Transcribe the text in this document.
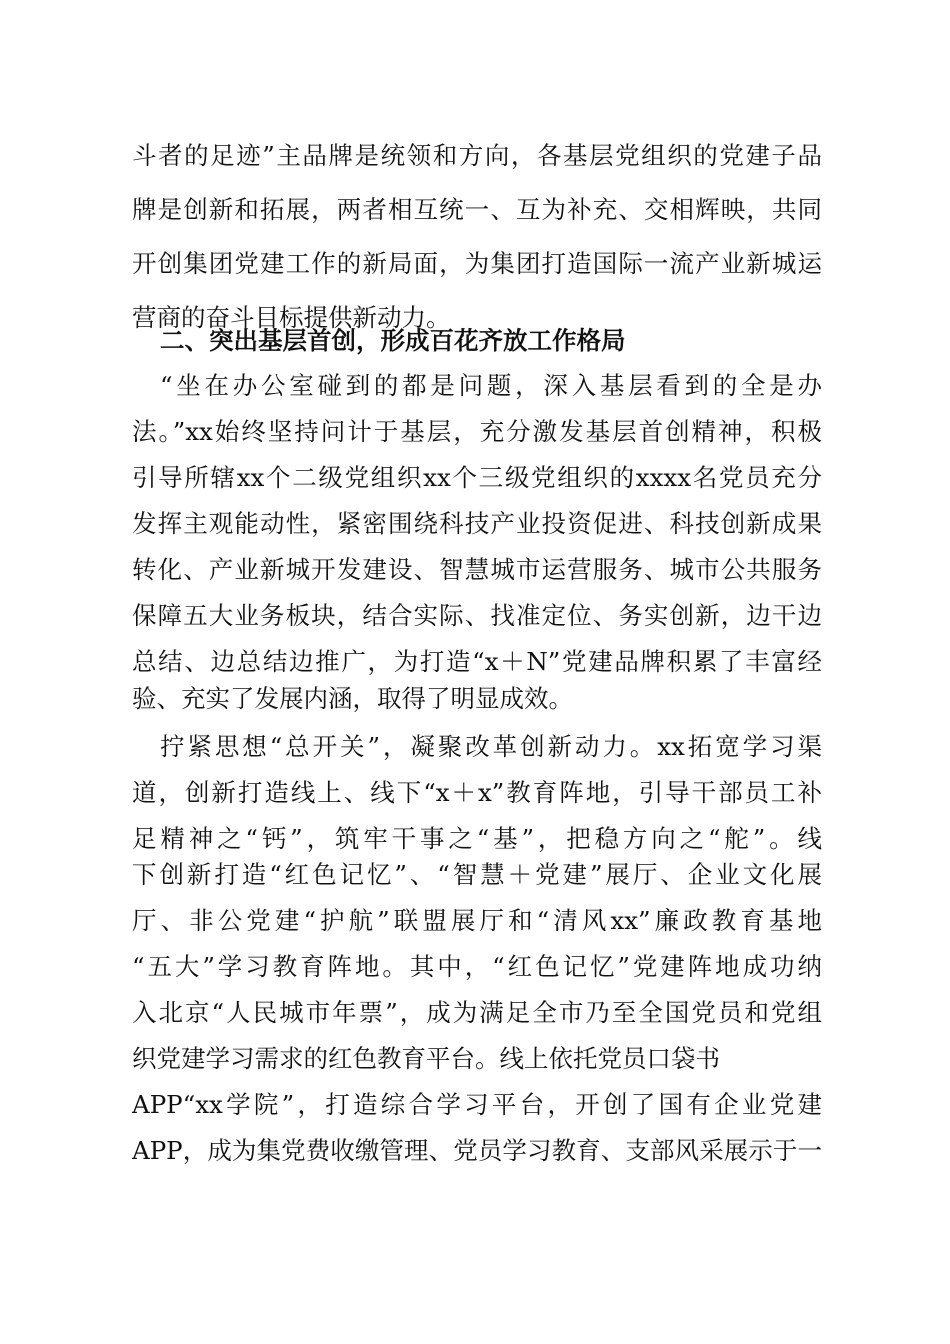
斗者的足迹”主品牌是统领和方向，各基层党组织的党建子品
牌是创新和拓展，两者相互统一、互为补充、交相辉映，共同
开创集团党建工作的新局面，为集团打造国际一流产业新城运
营商的奋斗目标提供新动力。
二、突出基层首创，形成百花齐放工作格局
“坐在办公室碰到的都是问题，深入基层看到的全是办
法。”xx始终坚持问计于基层，充分激发基层首创精神，积极
引导所辖xx个二级党组织xx个三级党组织的xxxx名党员充分
发挥主观能动性，紧密围绕科技产业投资促进、科技创新成果
转化、产业新城开发建设、智慧城市运营服务、城市公共服务
保障五大业务板块，结合实际、找准定位、务实创新，边干边
总结、边总结边推广，为打造“x＋N”党建品牌积累了丰富经
验、充实了发展内涵，取得了明显成效。
拧紧思想“总开关”，凝聚改革创新动力。xx拓宽学习渠
道，创新打造线上、线下“x＋x”教育阵地，引导干部员工补
足精神之“钙”，筑牢干事之“基”，把稳方向之“舵”。线
下创新打造“红色记忆”、“智慧＋党建”展厅、企业文化展
厅、非公党建“护航”联盟展厅和“清风xx”廉政教育基地
“五大”学习教育阵地。其中，“红色记忆”党建阵地成功纳
入北京“人民城市年票”，成为满足全市乃至全国党员和党组
织党建学习需求的红色教育平台。线上依托党员口袋书
APP“xx学院”，打造综合学习平台，开创了国有企业党建
APP，成为集党费收缴管理、党员学习教育、支部风采展示于一
